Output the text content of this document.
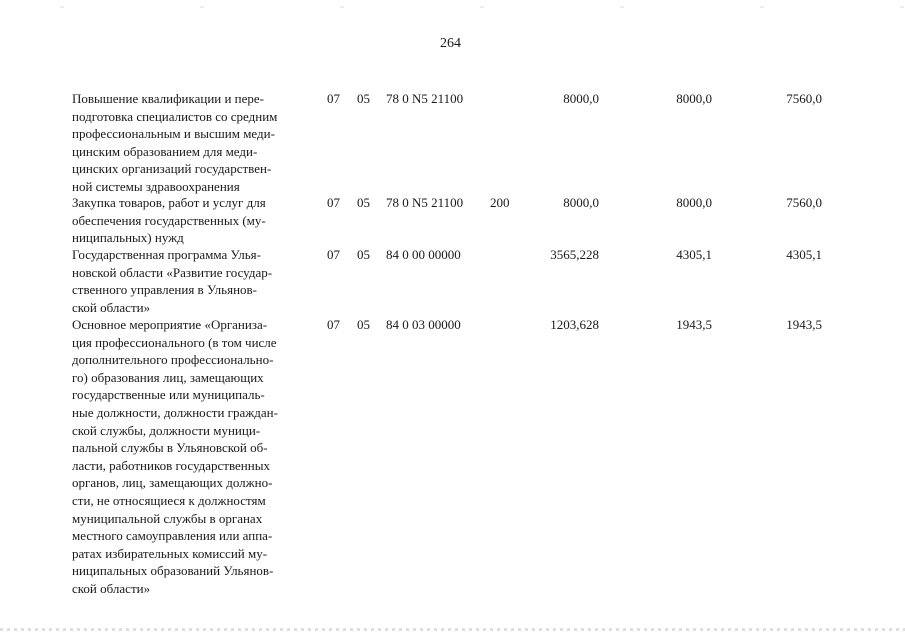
264
Повышение квалификации и пере-
подготовка специалистов со средним
профессиональным и высшим меди-
цинским образованием для меди-
цинских организаций государствен-
ной системы здравоохранения
07 05 78 0 N5 21100	8000,0	8000,0	7560,0
Закупка товаров, работ и услуг для
обеспечения государственных (му-
ниципальных) нужд
07 05 78 0 N5 21100 200	8000,0	8000,0	7560,0
Государственная программа Улья-
новской области «Развитие государ-
ственного управления в Ульянов-
ской области»
07 05 84 0 00 00000	3565,228	4305,1	4305,1
Основное мероприятие «Организа-
ция профессионального (в том числе
дополнительного профессионально-
го) образования лиц, замещающих
государственные или муниципаль-
ные должности, должности граждан-
ской службы, должности муници-
пальной службы в Ульяновской об-
ласти, работников государственных
органов, лиц, замещающих должно-
сти, не относящиеся к должностям
муниципальной службы в органах
местного самоуправления или аппа-
ратах избирательных комиссий му-
ниципальных образований Ульянов-
ской области»
07 05 84 0 03 00000	1203,628	1943,5	1943,5
